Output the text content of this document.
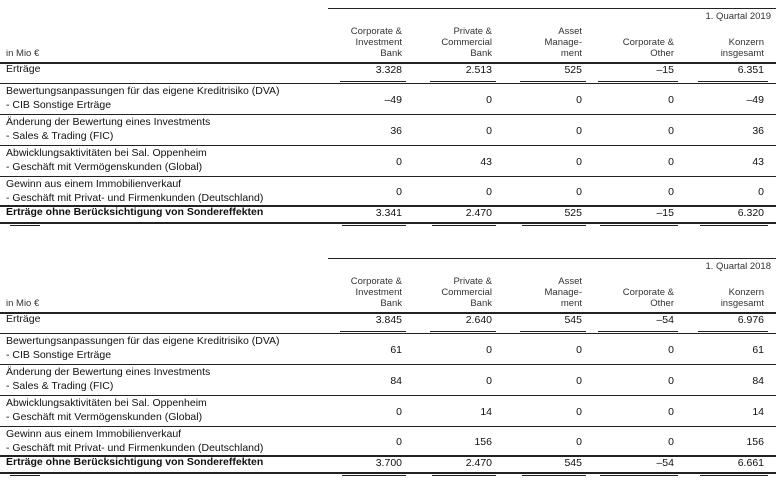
1. Quartal 2019
in Mio €
Corporate &
Investment
Bank
Private &
Commercial
Bank
Asset
Manage-
ment
Corporate &
Other
Konzern
insgesamt
Erträge	3.328	2.513	525	–15	6.351
Bewertungsanpassungen für das eigene Kreditrisiko (DVA)
- CIB Sonstige Erträge	–49	0	0	0	–49
Änderung der Bewertung eines Investments
- Sales & Trading (FIC)	36	0	0	0	36
Abwicklungsaktivitäten bei Sal. Oppenheim
- Geschäft mit Vermögenskunden (Global)	0	43	0	0	43
Gewinn aus einem Immobilienverkauf
- Geschäft mit Privat- und Firmenkunden (Deutschland)
0	0	0	0	0
Erträge ohne Berücksichtigung von Sondereffekten	3.341	2.470	525	–15	6.320
1. Quartal 2018
in Mio €
Corporate &
Investment
Bank
Private &
Commercial
Bank
Asset
Manage-
ment
Corporate &
Other
Konzern
insgesamt
Erträge	3.845	2.640	545	–54	6.976
Bewertungsanpassungen für das eigene Kreditrisiko (DVA)
- CIB Sonstige Erträge	61	0	0	0	61
Änderung der Bewertung eines Investments
- Sales & Trading (FIC)	84	0	0	0	84
Abwicklungsaktivitäten bei Sal. Oppenheim
- Geschäft mit Vermögenskunden (Global)	0	14	0	0	14
Gewinn aus einem Immobilienverkauf
- Geschäft mit Privat- und Firmenkunden (Deutschland)
0	156	0	0	156
Erträge ohne Berücksichtigung von Sondereffekten	3.700	2.470	545	–54	6.661
